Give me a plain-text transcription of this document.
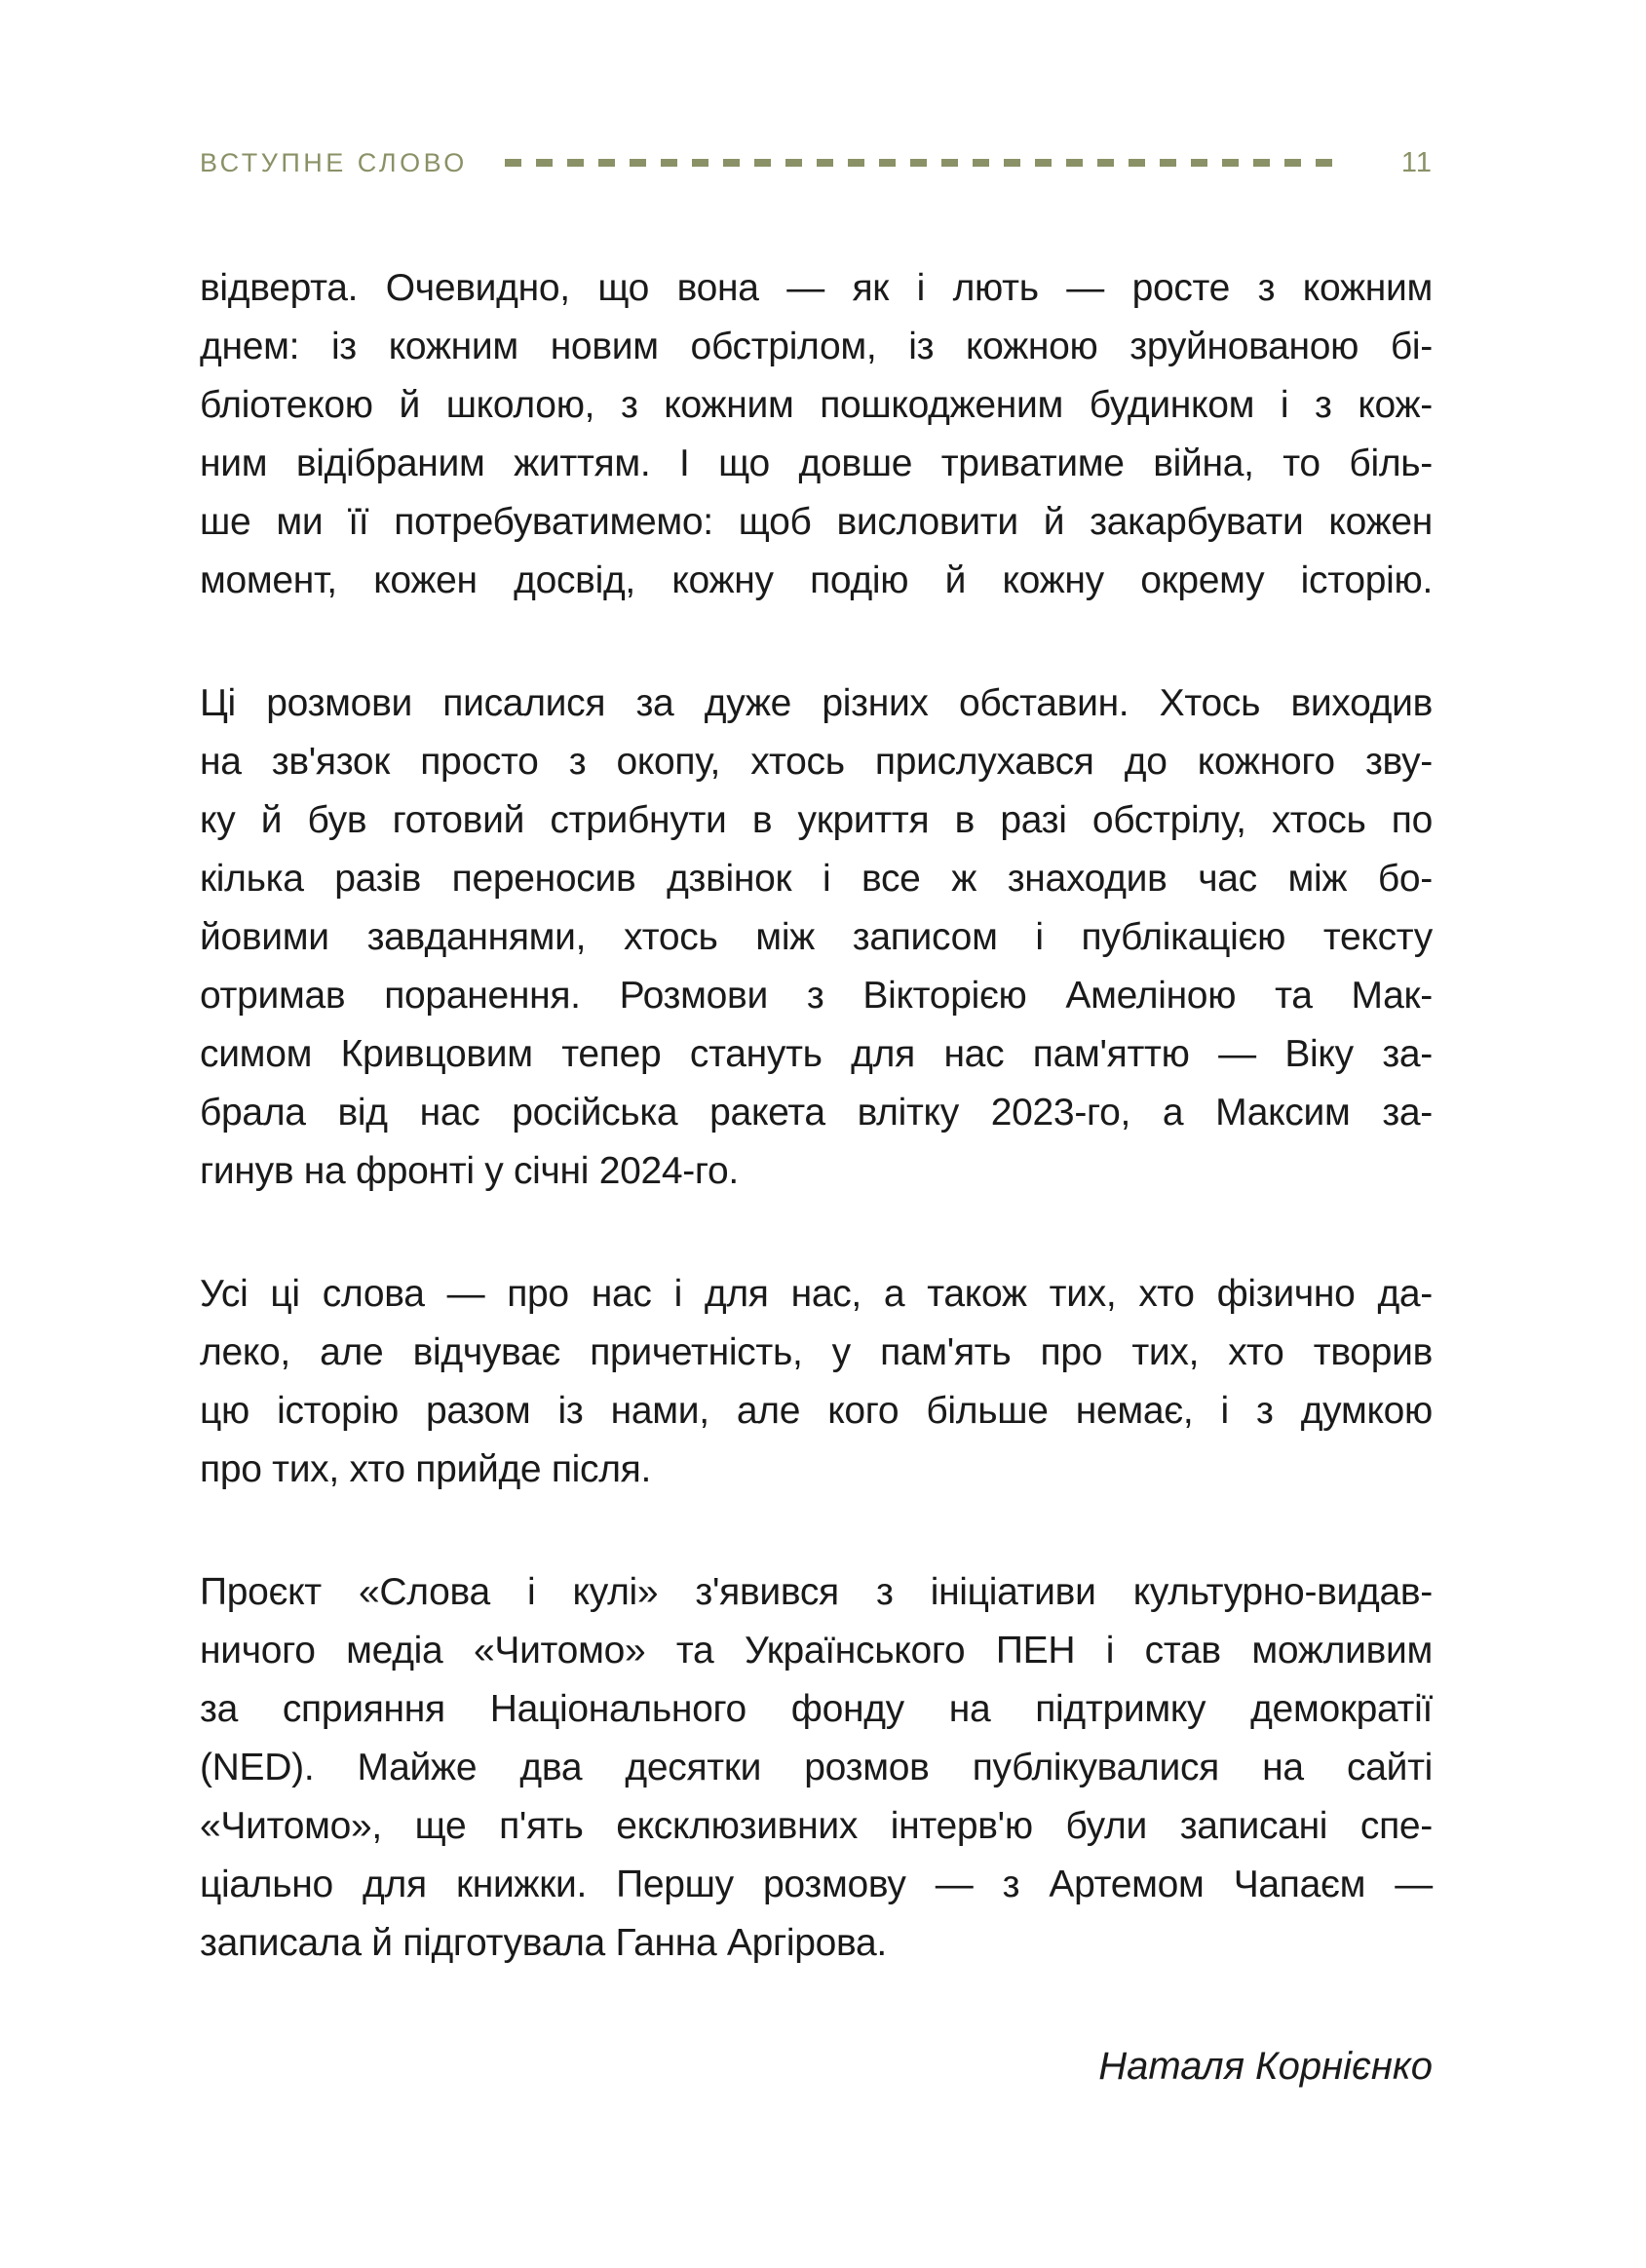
ВСТУПНЕ СЛОВО	11
відверта. Очевидно, що вона — як і лють — росте з кожним
днем: із кожним новим обстрілом, із кожною зруйнованою бі-
бліотекою й школою, з кожним пошкодженим будинком і з кож-
ним відібраним життям. І що довше триватиме війна, то біль-
ше ми її потребуватимемо: щоб висловити й закарбувати кожен
момент, кожен досвід, кожну подію й кожну окрему історію.
Ці розмови писалися за дуже різних обставин. Хтось виходив
на зв'язок просто з окопу, хтось прислухався до кожного зву-
ку й був готовий стрибнути в укриття в разі обстрілу, хтось по
кілька разів переносив дзвінок і все ж знаходив час між бо-
йовими завданнями, хтось між записом і публікацією тексту
отримав поранення. Розмови з Вікторією Амеліною та Мак-
симом Кривцовим тепер стануть для нас пам'яттю — Віку за-
брала від нас російська ракета влітку 2023-го, а Максим за-
гинув на фронті у січні 2024-го.
Усі ці слова — про нас і для нас, а також тих, хто фізично да-
леко, але відчуває причетність, у пам'ять про тих, хто творив
цю історію разом із нами, але кого більше немає, і з думкою
про тих, хто прийде після.
Проєкт «Слова і кулі» з'явився з ініціативи культурно-видав-
ничого медіа «Читомо» та Українського ПЕН і став можливим
за сприяння Національного фонду на підтримку демократії
(NED). Майже два десятки розмов публікувалися на сайті
«Читомо», ще п'ять ексклюзивних інтерв'ю були записані спе-
ціально для книжки. Першу розмову — з Артемом Чапаєм —
записала й підготувала Ганна Аргірова.
Наталя Корнієнко
